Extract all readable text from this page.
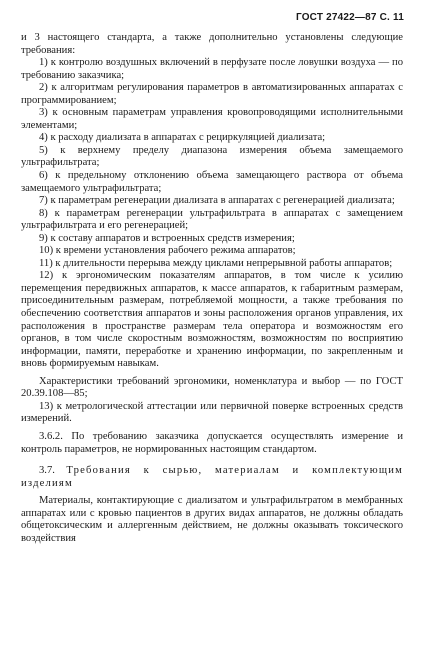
ГОСТ 27422—87 С. 11

и 3 настоящего стандарта, а также дополнительно установлены следующие требования:

1) к контролю воздушных включений в перфузате после ловушки воздуха — по требованию заказчика;

2) к алгоритмам регулирования параметров в автоматизированных аппаратах с программированием;

3) к основным параметрам управления кровопроводящими исполнительными элементами;

4) к расходу диализата в аппаратах с рециркуляцией диализата;

5) к верхнему пределу диапазона измерения объема замещаемого ультрафильтрата;

6) к предельному отклонению объема замещающего раствора от объема замещаемого ультрафильтрата;

7) к параметрам регенерации диализата в аппаратах с регенерацией диализата;

8) к параметрам регенерации ультрафильтрата в аппаратах с замещением ультрафильтрата и его регенерацией;

9) к составу аппаратов и встроенных средств измерения;

10) к времени установления рабочего режима аппаратов;

11) к длительности перерыва между циклами непрерывной работы аппаратов;

12) к эргономическим показателям аппаратов, в том числе к усилию перемещения передвижных аппаратов, к массе аппаратов, к габаритным размерам, присоединительным размерам, потребляемой мощности, а также требования по обеспечению соответствия аппаратов и зоны расположения органов управления, их расположения в пространстве размерам тела оператора и возможностям его органов, в том числе скоростным возможностям, возможностям по восприятию информации, памяти, переработке и хранению информации, по закрепленным и вновь формируемым навыкам.

Характеристики требований эргономики, номенклатура и выбор — по ГОСТ 20.39.108—85;

13) к метрологической аттестации или первичной поверке встроенных средств измерений.

3.6.2. По требованию заказчика допускается осуществлять измерение и контроль параметров, не нормированных настоящим стандартом.

3.7. Требования к сырью, материалам и комплектующим изделиям

Материалы, контактирующие с диализатом и ультрафильтратом в мембранных аппаратах или с кровью пациентов в других видах аппаратов, не должны обладать общетоксическим и аллергенным действием, не должны оказывать токсического воздействия
